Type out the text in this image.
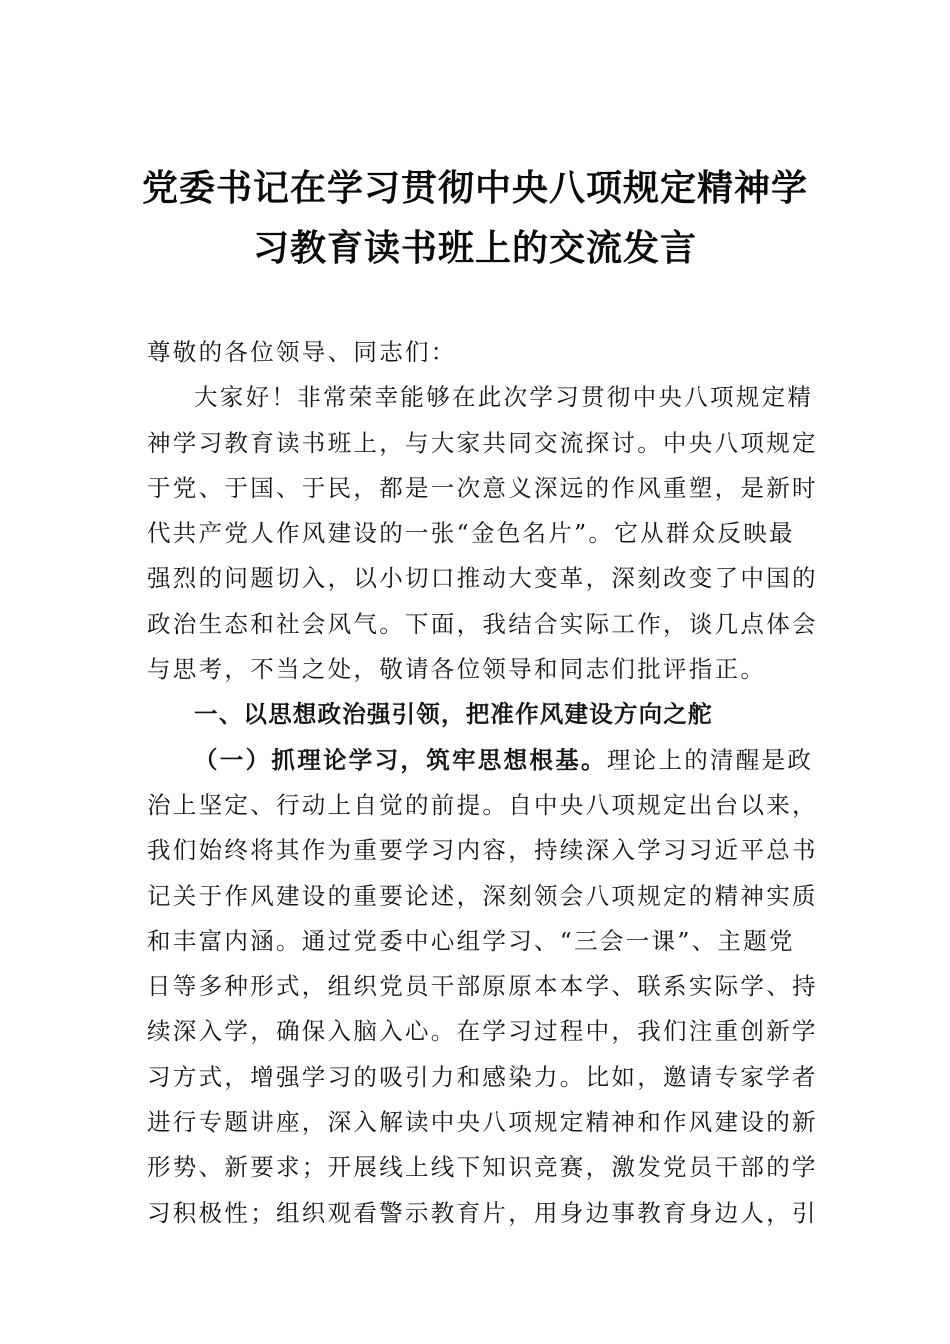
党委书记在学习贯彻中央八项规定精神学
习教育读书班上的交流发言
尊敬的各位领导、同志们：
大家好！非常荣幸能够在此次学习贯彻中央八项规定精
神学习教育读书班上，与大家共同交流探讨。中央八项规定
于党、于国、于民，都是一次意义深远的作风重塑，是新时
代共产党人作风建设的一张“金色名片”。它从群众反映最
强烈的问题切入，以小切口推动大变革，深刻改变了中国的
政治生态和社会风气。下面，我结合实际工作，谈几点体会
与思考，不当之处，敬请各位领导和同志们批评指正。
一、以思想政治强引领，把准作风建设方向之舵
（一）抓理论学习，筑牢思想根基。理论上的清醒是政
治上坚定、行动上自觉的前提。自中央八项规定出台以来，
我们始终将其作为重要学习内容，持续深入学习习近平总书
记关于作风建设的重要论述，深刻领会八项规定的精神实质
和丰富内涵。通过党委中心组学习、“三会一课”、主题党
日等多种形式，组织党员干部原原本本学、联系实际学、持
续深入学，确保入脑入心。在学习过程中，我们注重创新学
习方式，增强学习的吸引力和感染力。比如，邀请专家学者
进行专题讲座，深入解读中央八项规定精神和作风建设的新
形势、新要求；开展线上线下知识竞赛，激发党员干部的学
习积极性；组织观看警示教育片，用身边事教育身边人，引
